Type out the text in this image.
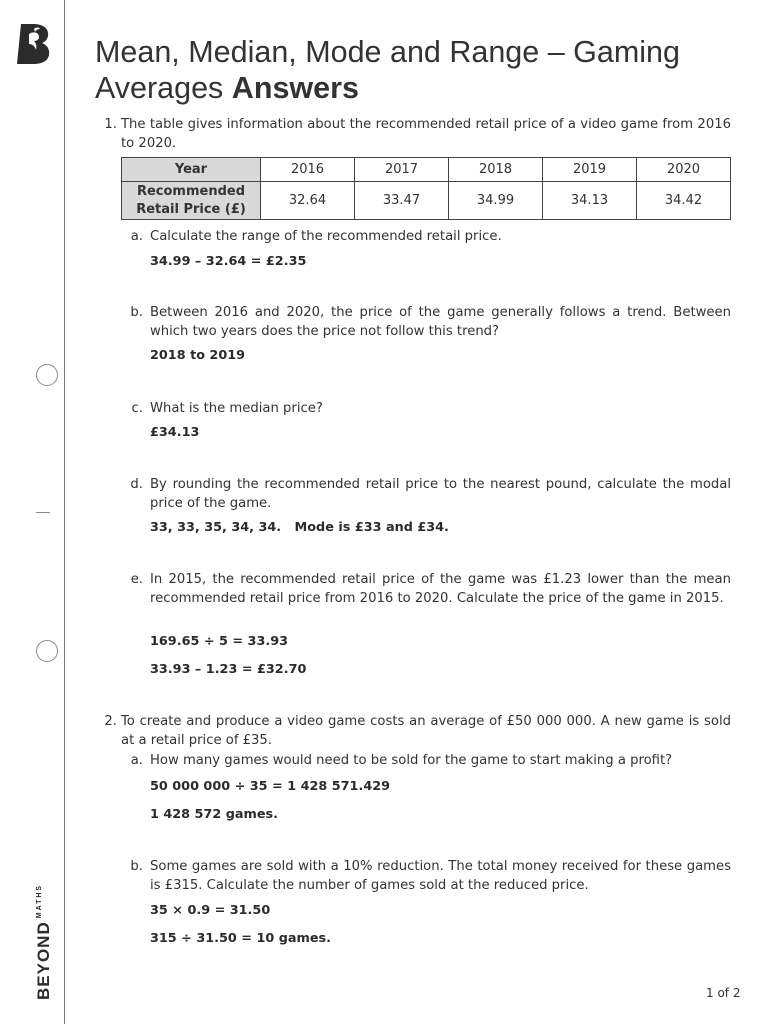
$BEYOND^{MATHS}$
Mean, Median, Mode and Range – Gaming Averages Answers
1. The table gives information about the recommended retail price of a video game from 2016 to 2020.
Year	2016	2017	2018	2019	2020
Recommended
Retail Price (£)	32.64	33.47	34.99	34.13	34.42
a. Calculate the range of the recommended retail price.
34.99 – 32.64 = £2.35
b. Between 2016 and 2020, the price of the game generally follows a trend. Between which two years does the price not follow this trend?
2018 to 2019
c. What is the median price?
£34.13
d. By rounding the recommended retail price to the nearest pound, calculate the modal price of the game.
33, 33, 35, 34, 34.   Mode is £33 and £34.
e. In 2015, the recommended retail price of the game was £1.23 lower than the mean recommended retail price from 2016 to 2020. Calculate the price of the game in 2015.
169.65 ÷ 5 = 33.93
33.93 – 1.23 = £32.70
2. To create and produce a video game costs an average of £50 000 000. A new game is sold at a retail price of £35.
a. How many games would need to be sold for the game to start making a profit?
50 000 000 ÷ 35 = 1 428 571.429
1 428 572 games.
b. Some games are sold with a 10% reduction. The total money received for these games is £315. Calculate the number of games sold at the reduced price.
35 × 0.9 = 31.50
315 ÷ 31.50 = 10 games.
1 of 2
